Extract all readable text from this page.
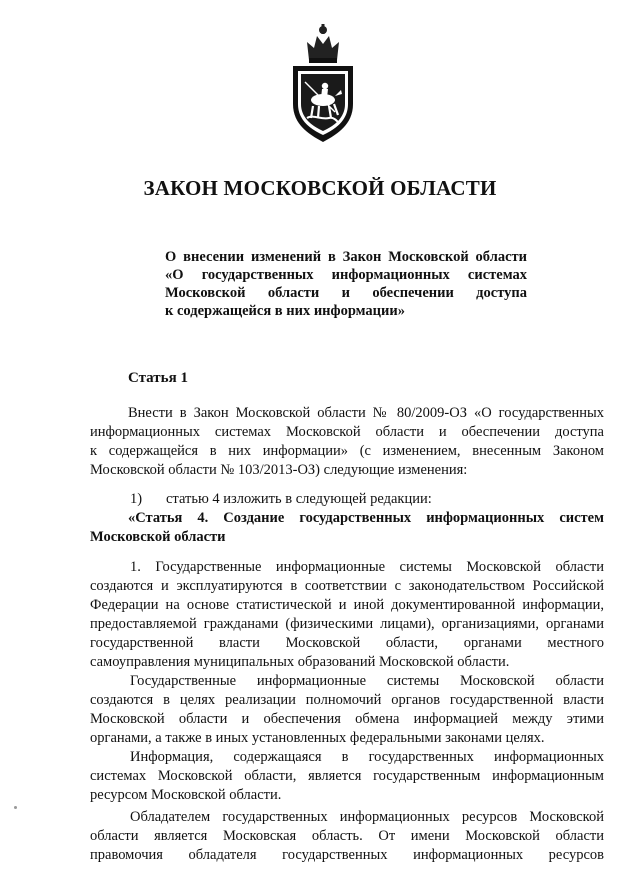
ЗАКОН МОСКОВСКОЙ ОБЛАСТИ
О внесении изменений в Закон Московской области
«О государственных информационных системах
Московской области и обеспечении доступа
к содержащейся в них информации»
Статья 1
Внести в Закон Московской области № 80/2009-ОЗ «О государственных
информационных системах Московской области и обеспечении доступа
к содержащейся в них информации» (с изменением, внесенным Законом
Московской области № 103/2013-ОЗ) следующие изменения:
1)	статью 4 изложить в следующей редакции:
«Статья 4. Создание государственных информационных систем
Московской области
1. Государственные информационные системы Московской области
создаются и эксплуатируются в соответствии с законодательством Российской
Федерации на основе статистической и иной документированной информации,
предоставляемой гражданами (физическими лицами), организациями, органами
государственной власти Московской области, органами местного
самоуправления муниципальных образований Московской области.
Государственные информационные системы Московской области
создаются в целях реализации полномочий органов государственной власти
Московской области и обеспечения обмена информацией между этими
органами, а также в иных установленных федеральными законами целях.
Информация, содержащаяся в государственных информационных
системах Московской области, является государственным информационным
ресурсом Московской области.
Обладателем государственных информационных ресурсов Московской
области является Московская область. От имени Московской области
правомочия обладателя государственных информационных ресурсов
